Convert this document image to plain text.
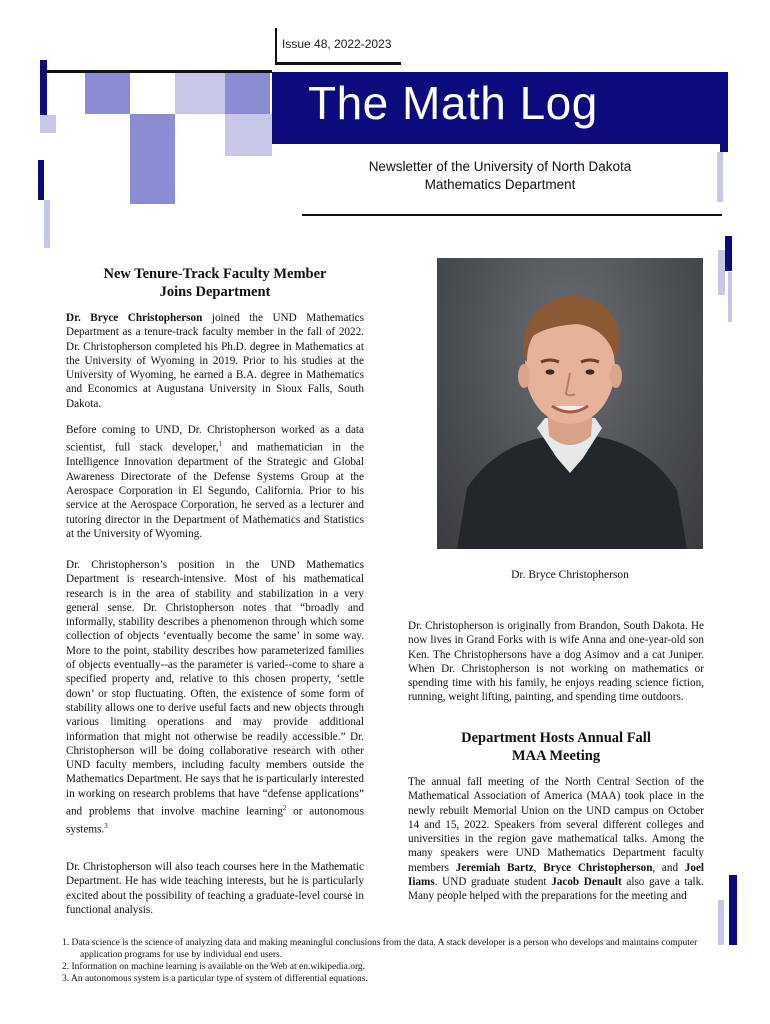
Issue 48, 2022-2023
The Math Log
Newsletter of the University of North Dakota
Mathematics Department
New Tenure-Track Faculty Member
Joins Department
Dr. Bryce Christopherson joined the UND Mathematics Department as a tenure-track faculty member in the fall of 2022. Dr. Christopherson completed his Ph.D. degree in Mathematics at the University of Wyoming in 2019. Prior to his studies at the University of Wyoming, he earned a B.A. degree in Mathematics and Economics at Augustana University in Sioux Falls, South Dakota.
Before coming to UND, Dr. Christopherson worked as a data scientist, full stack developer,$^1$ and mathematician in the Intelligence Innovation department of the Strategic and Global Awareness Directorate of the Defense Systems Group at the Aerospace Corporation in El Segundo, California. Prior to his service at the Aerospace Corporation, he served as a lecturer and tutoring director in the Department of Mathematics and Statistics at the University of Wyoming.
Dr. Christopherson’s position in the UND Mathematics Department is research-intensive. Most of his mathematical research is in the area of stability and stabilization in a very general sense. Dr. Christopherson notes that “broadly and informally, stability describes a phenomenon through which some collection of objects ‘eventually become the same’ in some way. More to the point, stability describes how parameterized families of objects eventually--as the parameter is varied--come to share a specified property and, relative to this chosen property, ‘settle down’ or stop fluctuating. Often, the existence of some form of stability allows one to derive useful facts and new objects through various limiting operations and may provide additional information that might not otherwise be readily accessible.” Dr. Christopherson will be doing collaborative research with other UND faculty members, including faculty members outside the Mathematics Department. He says that he is particularly interested in working on research problems that have “defense applications” and problems that involve machine learning$^2$ or autonomous systems.$^3$
Dr. Christopherson will also teach courses here in the Mathematic Department. He has wide teaching interests, but he is particularly excited about the possibility of teaching a graduate-level course in functional analysis.
Dr. Bryce Christopherson
Dr. Christopherson is originally from Brandon, South Dakota. He now lives in Grand Forks with is wife Anna and one-year-old son Ken. The Christophersons have a dog Asimov and a cat Juniper. When Dr. Christopherson is not working on mathematics or spending time with his family, he enjoys reading science fiction, running, weight lifting, painting, and spending time outdoors.
Department Hosts Annual Fall
MAA Meeting
The annual fall meeting of the North Central Section of the Mathematical Association of America (MAA) took place in the newly rebuilt Memorial Union on the UND campus on October 14 and 15, 2022. Speakers from several different colleges and universities in the region gave mathematical talks. Among the many speakers were UND Mathematics Department faculty members Jeremiah Bartz, Bryce Christopherson, and Joel Iiams. UND graduate student Jacob Denault also gave a talk. Many people helped with the preparations for the meeting and
1. Data science is the science of analyzing data and making meaningful conclusions from the data. A stack developer is a person who develops and maintains computer application programs for use by individual end users.
2. Information on machine learning is available on the Web at en.wikipedia.org.
3. An autonomous system is a particular type of system of differential equations.
